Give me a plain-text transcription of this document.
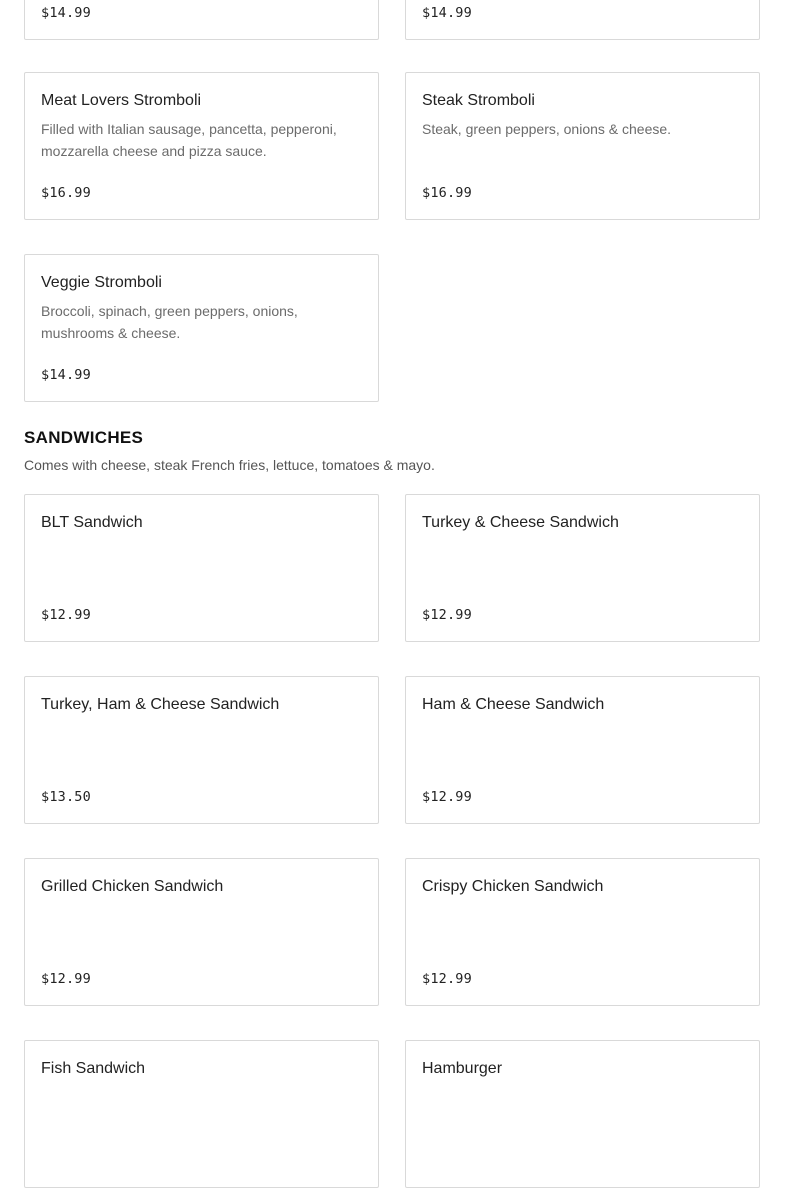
$14.99	$14.99
Meat Lovers Stromboli
Filled with Italian sausage, pancetta, pepperoni, mozzarella cheese and pizza sauce.
$16.99
Steak Stromboli
Steak, green peppers, onions & cheese.
$16.99
Veggie Stromboli
Broccoli, spinach, green peppers, onions, mushrooms & cheese.
$14.99
SANDWICHES

Comes with cheese, steak French fries, lettuce, tomatoes & mayo.

BLT Sandwich
$12.99
Turkey & Cheese Sandwich
$12.99
Turkey, Ham & Cheese Sandwich
$13.50
Ham & Cheese Sandwich
$12.99
Grilled Chicken Sandwich
$12.99
Crispy Chicken Sandwich
$12.99
Fish Sandwich	Hamburger
